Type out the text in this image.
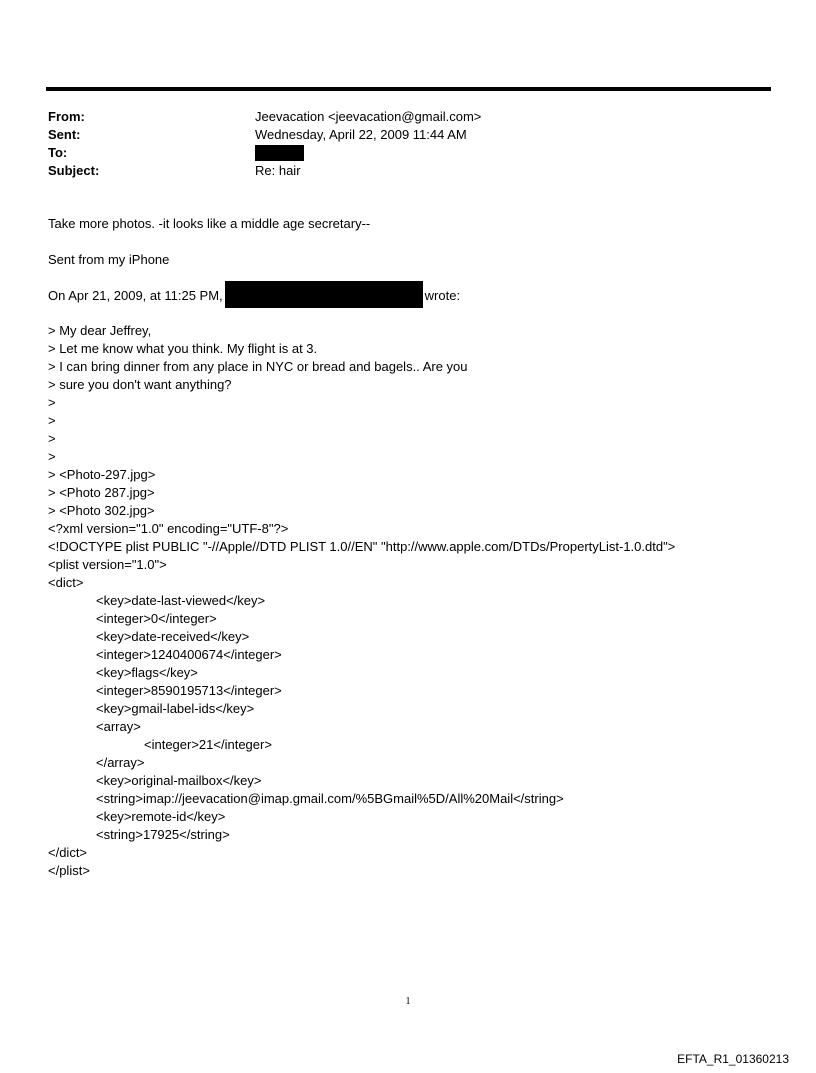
From:	Jeevacation <jeevacation@gmail.com>
Sent:	Wednesday, April 22, 2009 11:44 AM
To:
Subject:	Re: hair
Take more photos. -it looks like a middle age secretary--
Sent from my iPhone
On Apr 21, 2009, at 11:25 PM,	wrote:
> My dear Jeffrey,
> Let me know what you think. My flight is at 3.
> I can bring dinner from any place in NYC or bread and bagels.. Are you
> sure you don't want anything?
>
>
>
>
> <Photo-297.jpg>
> <Photo 287.jpg>
> <Photo 302.jpg>
<?xml version="1.0" encoding="UTF-8"?>
<!DOCTYPE plist PUBLIC "-//Apple//DTD PLIST 1.0//EN" "http://www.apple.com/DTDs/PropertyList-1.0.dtd">
<plist version="1.0">
<dict>
<key>date-last-viewed</key>
<integer>0</integer>
<key>date-received</key>
<integer>1240400674</integer>
<key>flags</key>
<integer>8590195713</integer>
<key>gmail-label-ids</key>
<array>
<integer>21</integer>
</array>
<key>original-mailbox</key>
<string>imap://jeevacation@imap.gmail.com/%5BGmail%5D/All%20Mail</string>
<key>remote-id</key>
<string>17925</string>
</dict>
</plist>
1
EFTA_R1_01360213
